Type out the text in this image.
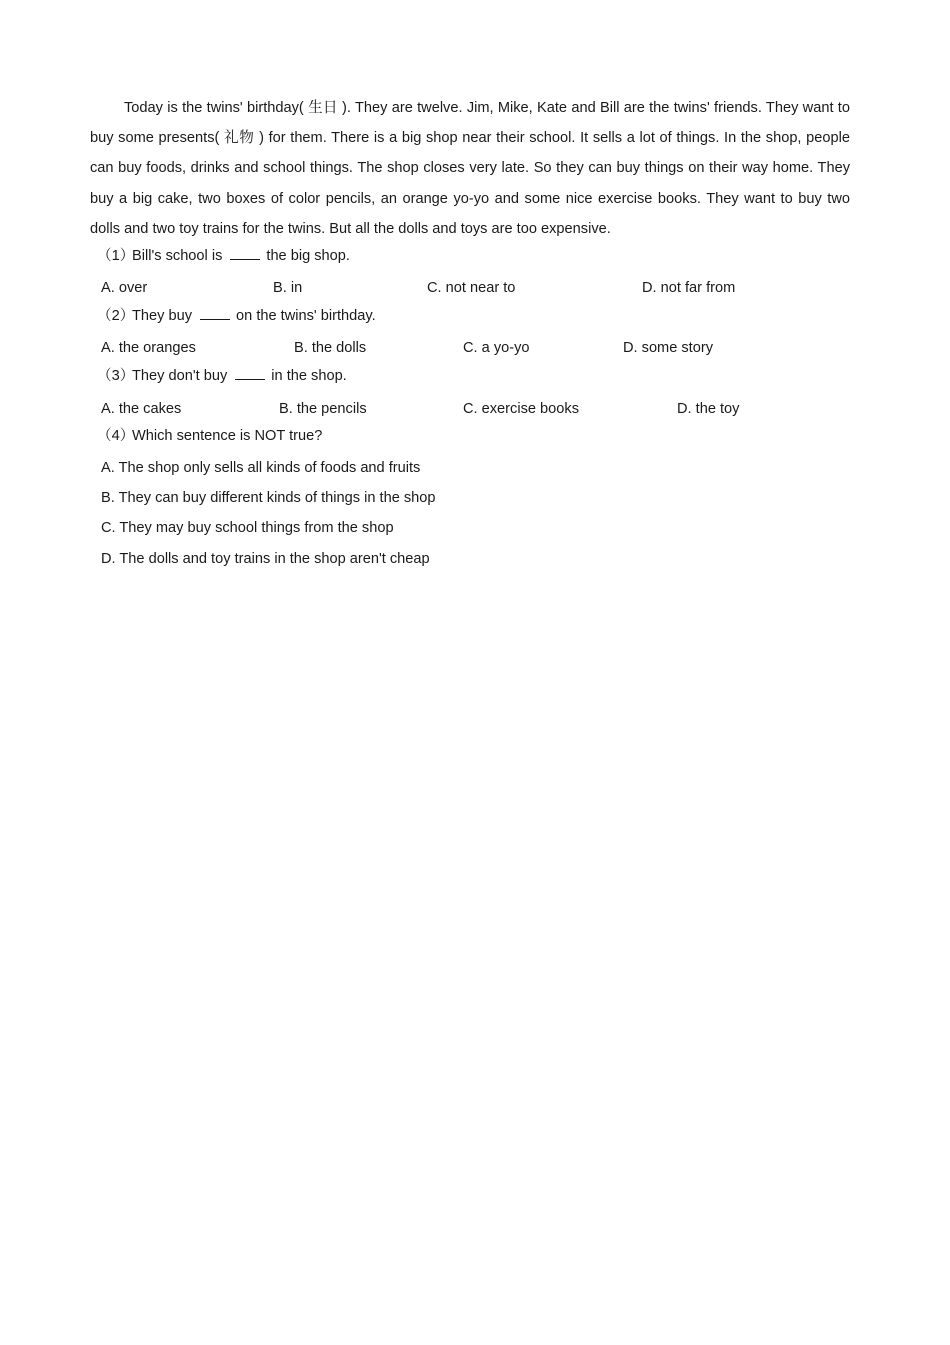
Today is the twins' birthday( 生日 ). They are twelve. Jim, Mike, Kate and Bill are the twins' friends. They want to buy some presents( 礼物 ) for them. There is a big shop near their school. It sells a lot of things. In the shop, people can buy foods, drinks and school things. The shop closes very late. So they can buy things on their way home. They buy a big cake, two boxes of color pencils, an orange yo-yo and some nice exercise books. They want to buy two dolls and two toy trains for the twins. But all the dolls and toys are too expensive.

（1）Bill's school is	the big shop.
A. over	B. in	C. not near to	D. not far from
（2）They buy	on the twins' birthday.
A. the oranges	B. the dolls	C. a yo-yo	D. some story
（3）They don't buy	in the shop.
A. the cakes	B. the pencils	C. exercise books	D. the toy
（4）Which sentence is NOT true?
A. The shop only sells all kinds of foods and fruits
B. They can buy different kinds of things in the shop
C. They may buy school things from the shop
D. The dolls and toy trains in the shop aren't cheap
